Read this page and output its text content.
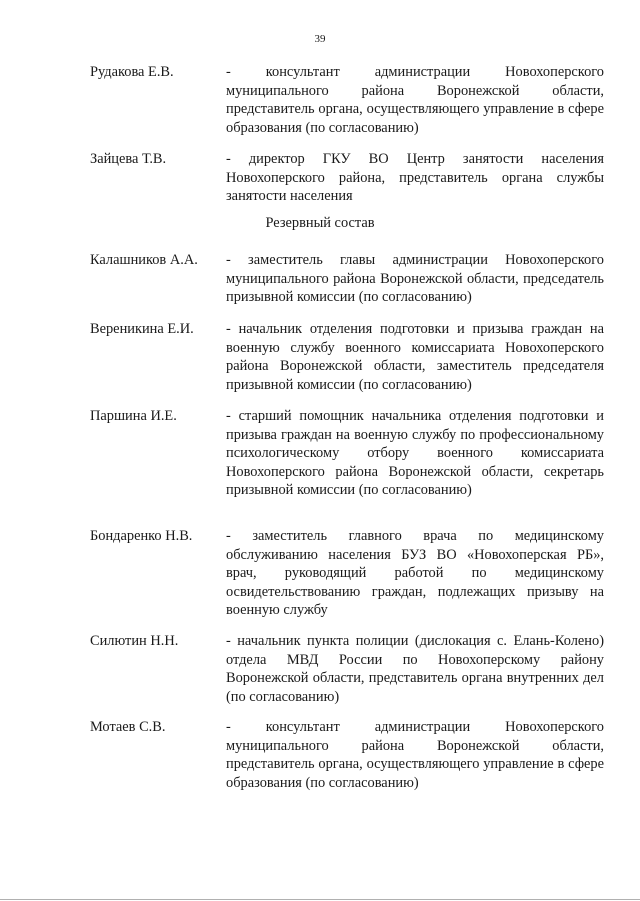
39
Рудакова Е.В.	- консультант администрации Новохоперского муниципального района Воронежской области, представитель органа, осуществляющего управление в сфере образования (по согласованию)
Зайцева Т.В.	- директор ГКУ ВО Центр занятости населения Новохоперского района, представитель органа службы занятости населения
Резервный состав
Калашников А.А. - заместитель главы администрации Новохоперского муниципального района Воронежской области, председатель призывной комиссии (по согласованию)
Вереникина Е.И. - начальник отделения подготовки и призыва граждан на военную службу военного комиссариата Новохоперского района Воронежской области, заместитель председателя призывной комиссии (по согласованию)
Паршина И.Е.	- старший помощник начальника отделения подготовки и призыва граждан на военную службу по профессиональному психологическому отбору военного комиссариата Новохоперского района Воронежской области, секретарь призывной комиссии (по согласованию)
Бондаренко Н.В. - заместитель главного врача по медицинскому обслуживанию населения БУЗ ВО «Новохоперская РБ», врач, руководящий работой по медицинскому освидетельствованию граждан, подлежащих призыву на военную службу
Силютин Н.Н.	- начальник пункта полиции (дислокация с. Елань-Колено) отдела МВД России по Новохоперскому району Воронежской области, представитель органа внутренних дел (по согласованию)
Мотаев С.В.	- консультант администрации Новохоперского муниципального района Воронежской области, представитель органа, осуществляющего управление в сфере образования (по согласованию)
